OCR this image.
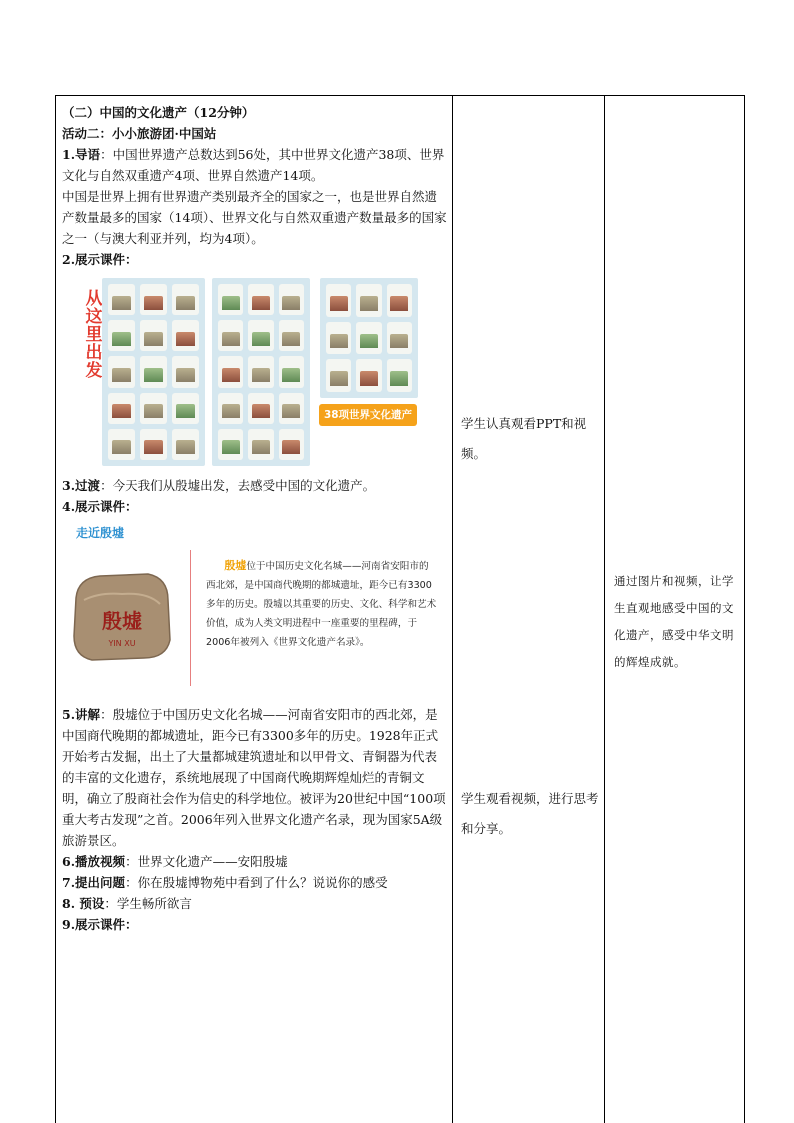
（二）中国的文化遗产（12分钟）

活动二：小小旅游团·中国站

1.导语：中国世界遗产总数达到56处，其中世界文化遗产38项、世界文化与自然双重遗产4项、世界自然遗产14项。

中国是世界上拥有世界遗产类别最齐全的国家之一，也是世界自然遗产数量最多的国家（14项）、世界文化与自然双重遗产数量最多的国家之一（与澳大利亚并列，均为4项）。

2.展示课件：

从这里出发
38项世界文化遗产

3.过渡：今天我们从殷墟出发，去感受中国的文化遗产。

4.展示课件：

走近殷墟
殷墟
YIN XU
殷墟位于中国历史文化名城——河南省安阳市的西北郊，是中国商代晚期的都城遗址，距今已有3300多年的历史。殷墟以其重要的历史、文化、科学和艺术价值，成为人类文明进程中一座重要的里程碑，于2006年被列入《世界文化遗产名录》。

5.讲解：殷墟位于中国历史文化名城——河南省安阳市的西北郊，是中国商代晚期的都城遗址，距今已有3300多年的历史。1928年正式开始考古发掘，出土了大量都城建筑遗址和以甲骨文、青铜器为代表的丰富的文化遗存，系统地展现了中国商代晚期辉煌灿烂的青铜文明，确立了殷商社会作为信史的科学地位。被评为20世纪中国“100项重大考古发现”之首。2006年列入世界文化遗产名录，现为国家5A级旅游景区。

6.播放视频：世界文化遗产——安阳殷墟

7.提出问题：你在殷墟博物苑中看到了什么？说说你的感受

8. 预设：学生畅所欲言

9.展示课件：

学生认真观看PPT和视频。
学生观看视频，进行思考和分享。
通过图片和视频，让学生直观地感受中国的文化遗产，感受中华文明的辉煌成就。
